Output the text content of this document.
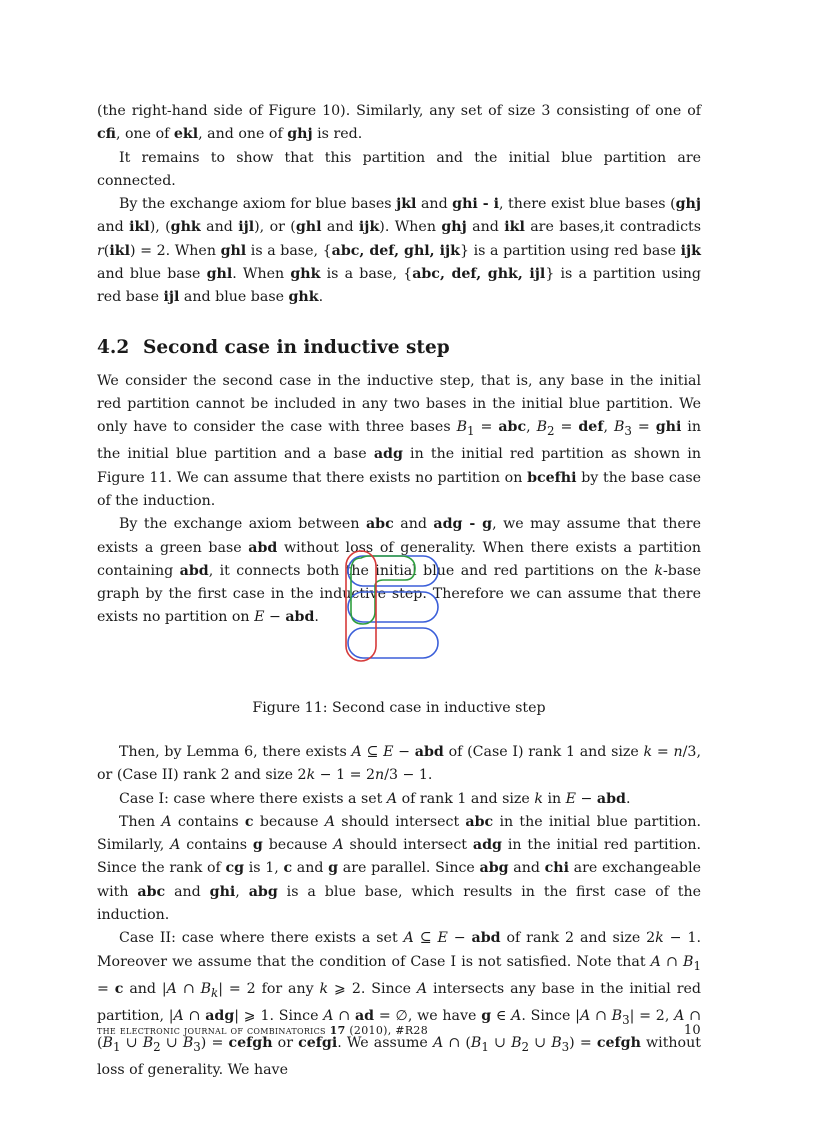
(the right-hand side of Figure 10). Similarly, any set of size 3 consisting of one of cfi, one of ekl, and one of ghj is red.

It remains to show that this partition and the initial blue partition are connected.

By the exchange axiom for blue bases jkl and ghi - i, there exist blue bases (ghj and ikl), (ghk and ijl), or (ghl and ijk). When ghj and ikl are bases,it contradicts r(ikl) = 2. When ghl is a base, {abc, def, ghl, ijk} is a partition using red base ijk and blue base ghl. When ghk is a base, {abc, def, ghk, ijl} is a partition using red base ijl and blue base ghk.

4.2 Second case in inductive step

We consider the second case in the inductive step, that is, any base in the initial red partition cannot be included in any two bases in the initial blue partition. We only have to consider the case with three bases $B_1$ = abc, $B_2$ = def, $B_3$ = ghi in the initial blue partition and a base adg in the initial red partition as shown in Figure 11. We can assume that there exists no partition on bcefhi by the base case of the induction.

By the exchange axiom between abc and adg - g, we may assume that there exists a green base abd without loss of generality. When there exists a partition containing abd, it connects both the initial blue and red partitions on the k-base graph by the first case in the inductive step. Therefore we can assume that there exists no partition on E − abd.

Figure 11: Second case in inductive step

Then, by Lemma 6, there exists A ⊆ E − abd of (Case I) rank 1 and size k = n/3, or (Case II) rank 2 and size 2k − 1 = 2n/3 − 1.

Case I: case where there exists a set A of rank 1 and size k in E − abd.

Then A contains c because A should intersect abc in the initial blue partition. Similarly, A contains g because A should intersect adg in the initial red partition. Since the rank of cg is 1, c and g are parallel. Since abg and chi are exchangeable with abc and ghi, abg is a blue base, which results in the first case of the induction.

Case II: case where there exists a set A ⊆ E − abd of rank 2 and size 2k − 1. Moreover we assume that the condition of Case I is not satisfied. Note that A ∩ $B_1 = c$ and |A ∩ $B_k| = 2$ for any k ⩾ 2. Since A intersects any base in the initial red partition, |A ∩ adg| ⩾ 1. Since A ∩ ad = ∅, we have g ∈ A. Since |A ∩ $B_3| = 2$, A ∩ ($B_1$ ∪ $B_2$ ∪ $B_3$) = cefgh or cefgi. We assume A ∩ ($B_1$ ∪ $B_2$ ∪ $B_3$) = cefgh without loss of generality. We have

the electronic journal of combinatorics 17 (2010), #R28	10
